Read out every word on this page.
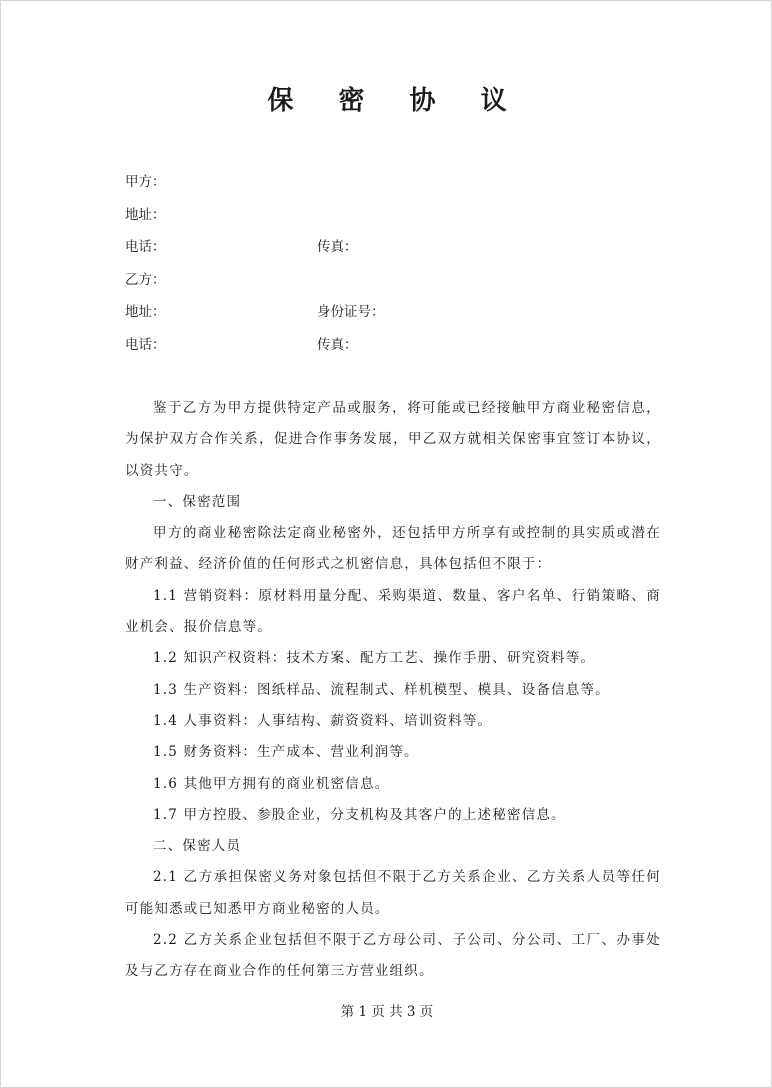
保 密 协 议
甲方：
地址：
电话：	传真：
乙方：
地址：	身份证号：
电话：	传真：

鉴于乙方为甲方提供特定产品或服务，将可能或已经接触甲方商业秘密信息，为保护双方合作关系，促进合作事务发展，甲乙双方就相关保密事宜签订本协议，以资共守。

一、保密范围

甲方的商业秘密除法定商业秘密外，还包括甲方所享有或控制的具实质或潜在财产利益、经济价值的任何形式之机密信息，具体包括但不限于：

1.1 营销资料：原材料用量分配、采购渠道、数量、客户名单、行销策略、商业机会、报价信息等。

1.2 知识产权资料：技术方案、配方工艺、操作手册、研究资料等。

1.3 生产资料：图纸样品、流程制式、样机模型、模具、设备信息等。

1.4 人事资料：人事结构、薪资资料、培训资料等。

1.5 财务资料：生产成本、营业利润等。

1.6 其他甲方拥有的商业机密信息。

1.7 甲方控股、参股企业，分支机构及其客户的上述秘密信息。

二、保密人员

2.1 乙方承担保密义务对象包括但不限于乙方关系企业、乙方关系人员等任何可能知悉或已知悉甲方商业秘密的人员。

2.2 乙方关系企业包括但不限于乙方母公司、子公司、分公司、工厂、办事处及与乙方存在商业合作的任何第三方营业组织。

第 1 页 共 3 页
